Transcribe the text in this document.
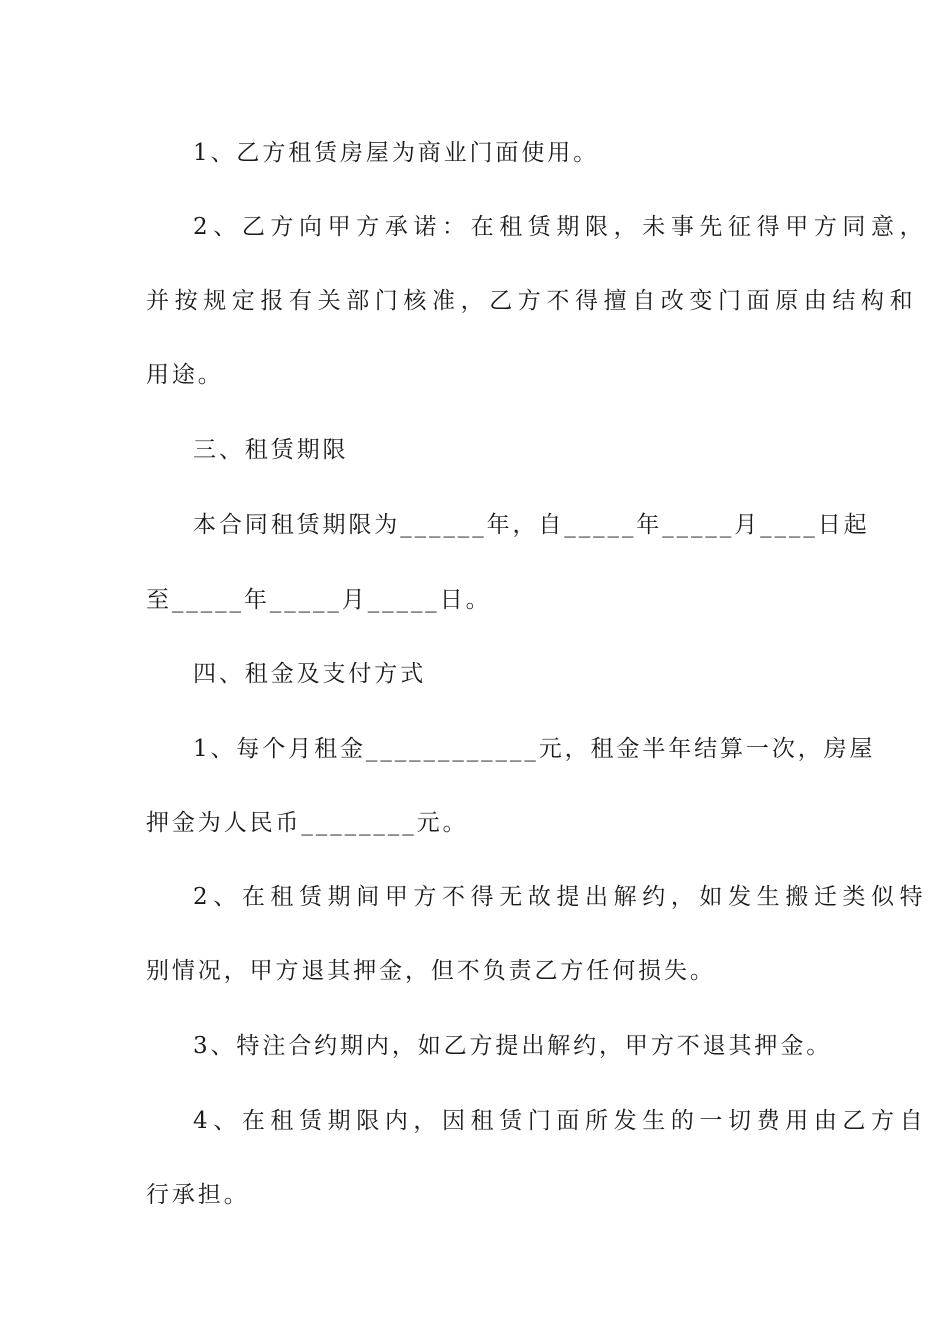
1、乙方租赁房屋为商业门面使用。
2、乙方向甲方承诺：在租赁期限，未事先征得甲方同意，
并按规定报有关部门核准，乙方不得擅自改变门面原由结构和
用途。
三、租赁期限
本合同租赁期限为______年，自_____年_____月____日起
至_____年_____月_____日。
四、租金及支付方式
1、每个月租金____________元，租金半年结算一次，房屋
押金为人民币________元。
2、在租赁期间甲方不得无故提出解约，如发生搬迁类似特
别情况，甲方退其押金，但不负责乙方任何损失。
3、特注合约期内，如乙方提出解约，甲方不退其押金。
4、在租赁期限内，因租赁门面所发生的一切费用由乙方自
行承担。
